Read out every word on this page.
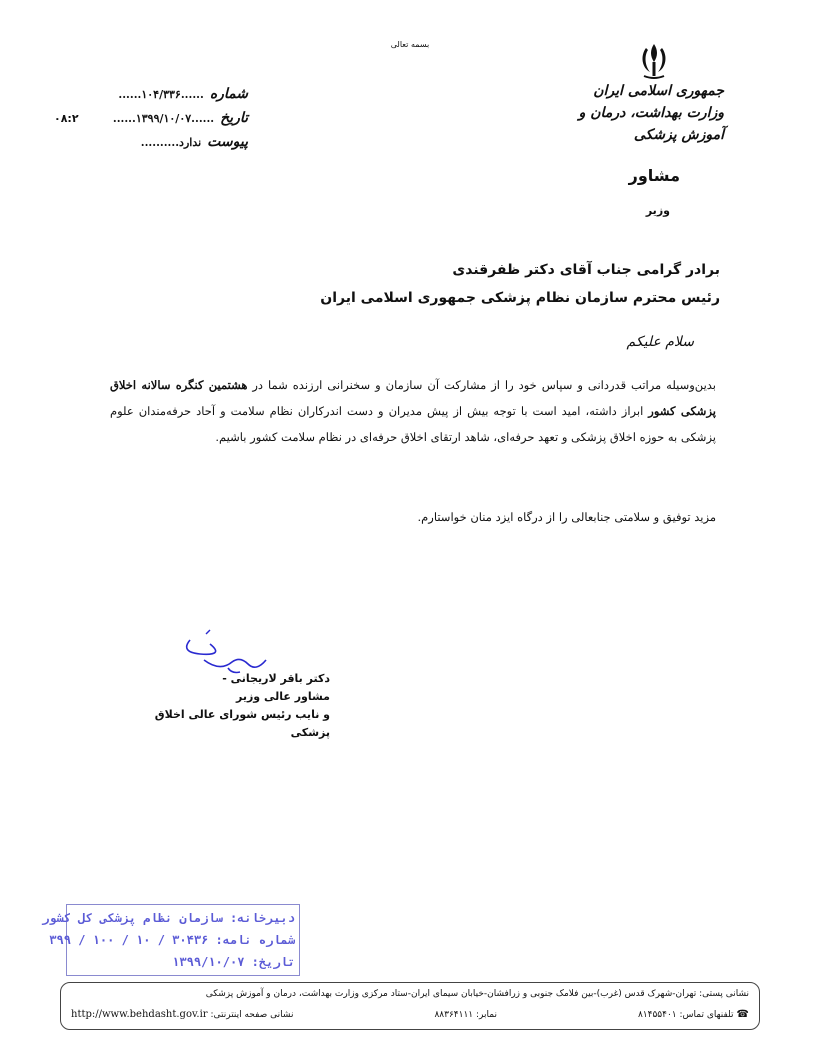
بسمه تعالی
جمهوری اسلامی ایران
وزارت بهداشت، درمان و آموزش پزشکی
مشاور
وزیر
شماره
......۱۰۴/۳۳۶......
تاریخ
......۱۳۹۹/۱۰/۰۷......
پیوست
ندارد..........
۰۸:۲
برادر گرامی جناب آقای دکتر ظفرقندی
رئیس محترم سازمان نظام پزشکی جمهوری اسلامی ایران
سلام علیکم
بدین‌وسیله مراتب قدردانی و سپاس خود را از مشارکت آن سازمان و سخنرانی ارزنده شما در هشتمین کنگره سالانه اخلاق پزشکی کشور ابراز داشته، امید است با توجه بیش از پیش مدیران و دست اندرکاران نظام سلامت و آحاد حرفه‌مندان علوم پزشکی به حوزه اخلاق پزشکی و تعهد حرفه‌ای، شاهد ارتقای اخلاق حرفه‌ای در نظام سلامت کشور باشیم.
مزید توفیق و سلامتی جنابعالی را از درگاه ایزد منان خواستارم.
دکتر باقر لاریجانی -
مشاور عالی وزیر
و نایب رئیس شورای عالی اخلاق پزشکی
دبیرخانه: سازمان نظام پزشکی کل کشور
شماره نامه: ۳۰۴۳۶ / ۱۰ / ۱۰۰ / ۳۹۹
تاریخ: ۱۳۹۹/۱۰/۰۷
نشانی پستی: تهران-شهرک قدس (غرب)-بین فلامک جنوبی و زرافشان-خیابان سیمای ایران-ستاد مرکزی وزارت بهداشت، درمان و آموزش پزشکی
☎تلفنهای تماس: ۸۱۴۵۵۴۰۱
نمابر: ۸۸۳۶۴۱۱۱
نشانی صفحه اینترنتی: http://www.behdasht.gov.ir
